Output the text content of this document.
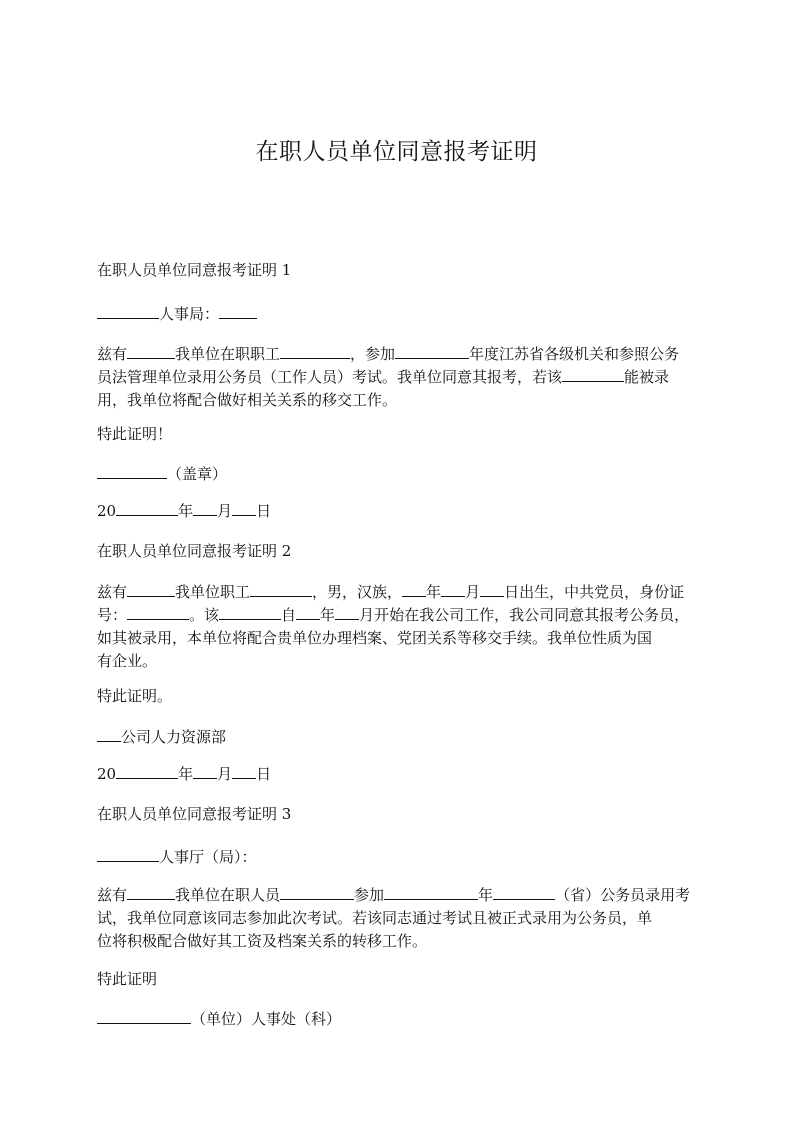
在职人员单位同意报考证明

在职人员单位同意报考证明 1

人事局：

兹有	我单位在职职工	，参加	年度江苏省各级机关和参照公务
员法管理单位录用公务员（工作人员）考试。我单位同意其报考，若该	能被录
用，我单位将配合做好相关关系的移交工作。

特此证明！

（盖章）

20	年 月 日

在职人员单位同意报考证明 2

兹有	我单位职工	，男，汉族， 年 月 日出生，中共党员，身份证
号：	。该	自 年 月开始在我公司工作，我公司同意其报考公务员，
如其被录用，本单位将配合贵单位办理档案、党团关系等移交手续。我单位性质为国
有企业。

特此证明。

公司人力资源部

20	年 月 日

在职人员单位同意报考证明 3

人事厅（局）：

兹有	我单位在职人员	参加	年	（省）公务员录用考
试，我单位同意该同志参加此次考试。若该同志通过考试且被正式录用为公务员，单
位将积极配合做好其工资及档案关系的转移工作。

特此证明

（单位）人事处（科）
